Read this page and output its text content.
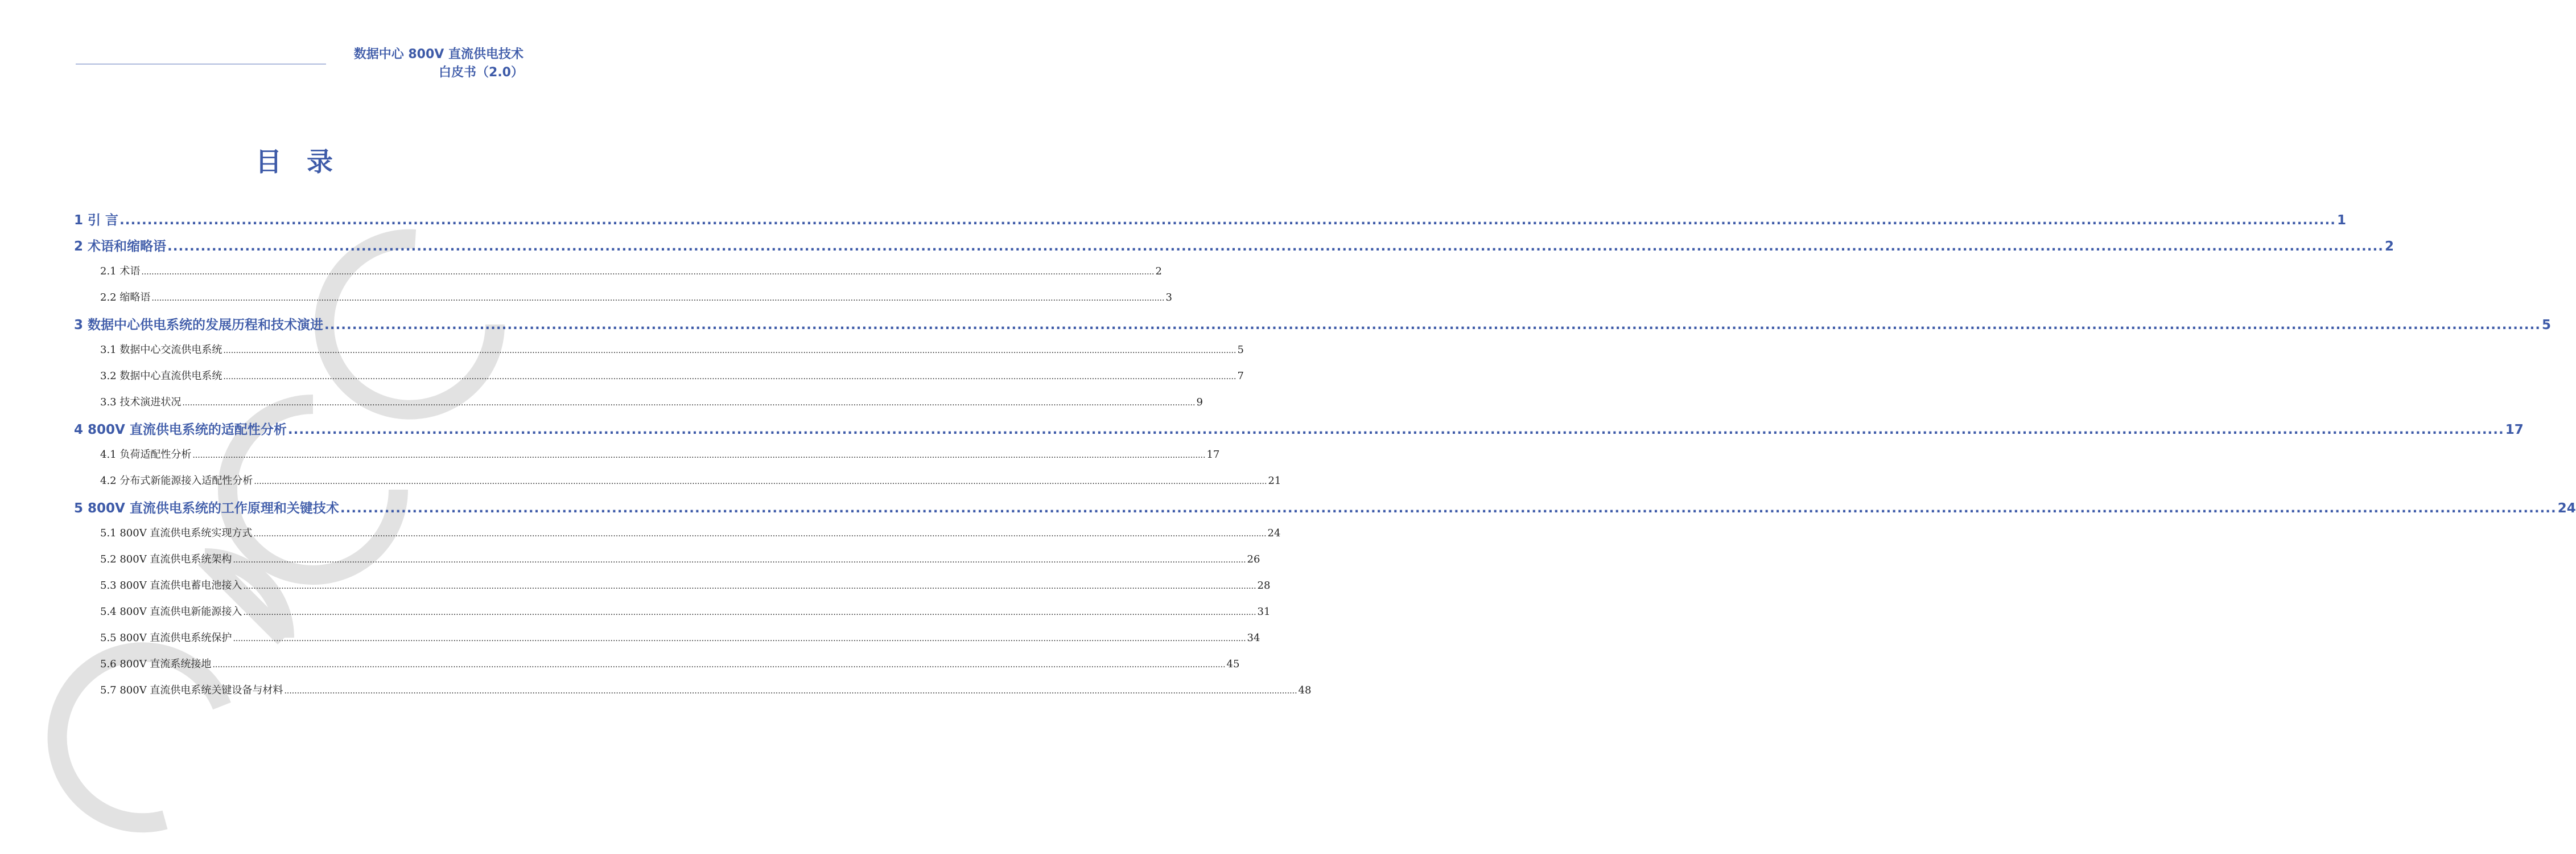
数据中心 800V 直流供电技术
白皮书（2.0）
目 录
1 引 言 ................................................................................................................................................................................................................................................................................................................................................................................................................ 1
2 术语和缩略语 ................................................................................................................................................................................................................................................................................................................................................................................................................ 2
2.1 术语 ................................................................................................................................................................................................................................................................................................................................................................................................................ 2
2.2 缩略语 ................................................................................................................................................................................................................................................................................................................................................................................................................ 3
3 数据中心供电系统的发展历程和技术演进 ................................................................................................................................................................................................................................................................................................................................................................................................................ 5
3.1 数据中心交流供电系统 ................................................................................................................................................................................................................................................................................................................................................................................................................ 5
3.2 数据中心直流供电系统 ................................................................................................................................................................................................................................................................................................................................................................................................................ 7
3.3 技术演进状况 ................................................................................................................................................................................................................................................................................................................................................................................................................ 9
4 800V 直流供电系统的适配性分析 ................................................................................................................................................................................................................................................................................................................................................................................................................ 17
4.1 负荷适配性分析 ................................................................................................................................................................................................................................................................................................................................................................................................................ 17
4.2 分布式新能源接入适配性分析 ................................................................................................................................................................................................................................................................................................................................................................................................................ 21
5 800V 直流供电系统的工作原理和关键技术 ................................................................................................................................................................................................................................................................................................................................................................................................................ 24
5.1 800V 直流供电系统实现方式 ................................................................................................................................................................................................................................................................................................................................................................................................................ 24
5.2 800V 直流供电系统架构 ................................................................................................................................................................................................................................................................................................................................................................................................................ 26
5.3 800V 直流供电蓄电池接入 ................................................................................................................................................................................................................................................................................................................................................................................................................ 28
5.4 800V 直流供电新能源接入 ................................................................................................................................................................................................................................................................................................................................................................................................................ 31
5.5 800V 直流供电系统保护 ................................................................................................................................................................................................................................................................................................................................................................................................................ 34
5.6 800V 直流系统接地 ................................................................................................................................................................................................................................................................................................................................................................................................................ 45
5.7 800V 直流供电系统关键设备与材料 ................................................................................................................................................................................................................................................................................................................................................................................................................ 48
